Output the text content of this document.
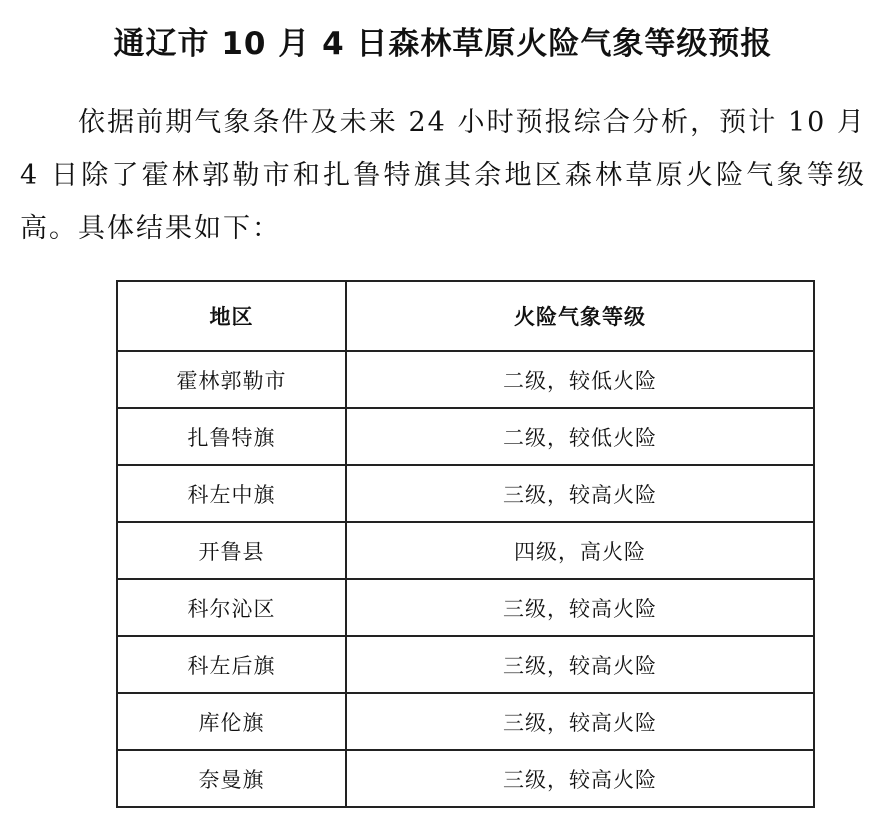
通辽市 10 月 4 日森林草原火险气象等级预报

依据前期气象条件及未来 24 小时预报综合分析，预计 10 月 4 日除了霍林郭勒市和扎鲁特旗其余地区森林草原火险气象等级高。具体结果如下：

地区	火险气象等级
霍林郭勒市	二级，较低火险
扎鲁特旗	二级，较低火险
科左中旗	三级，较高火险
开鲁县	四级，高火险
科尔沁区	三级，较高火险
科左后旗	三级，较高火险
库伦旗	三级，较高火险
奈曼旗	三级，较高火险
